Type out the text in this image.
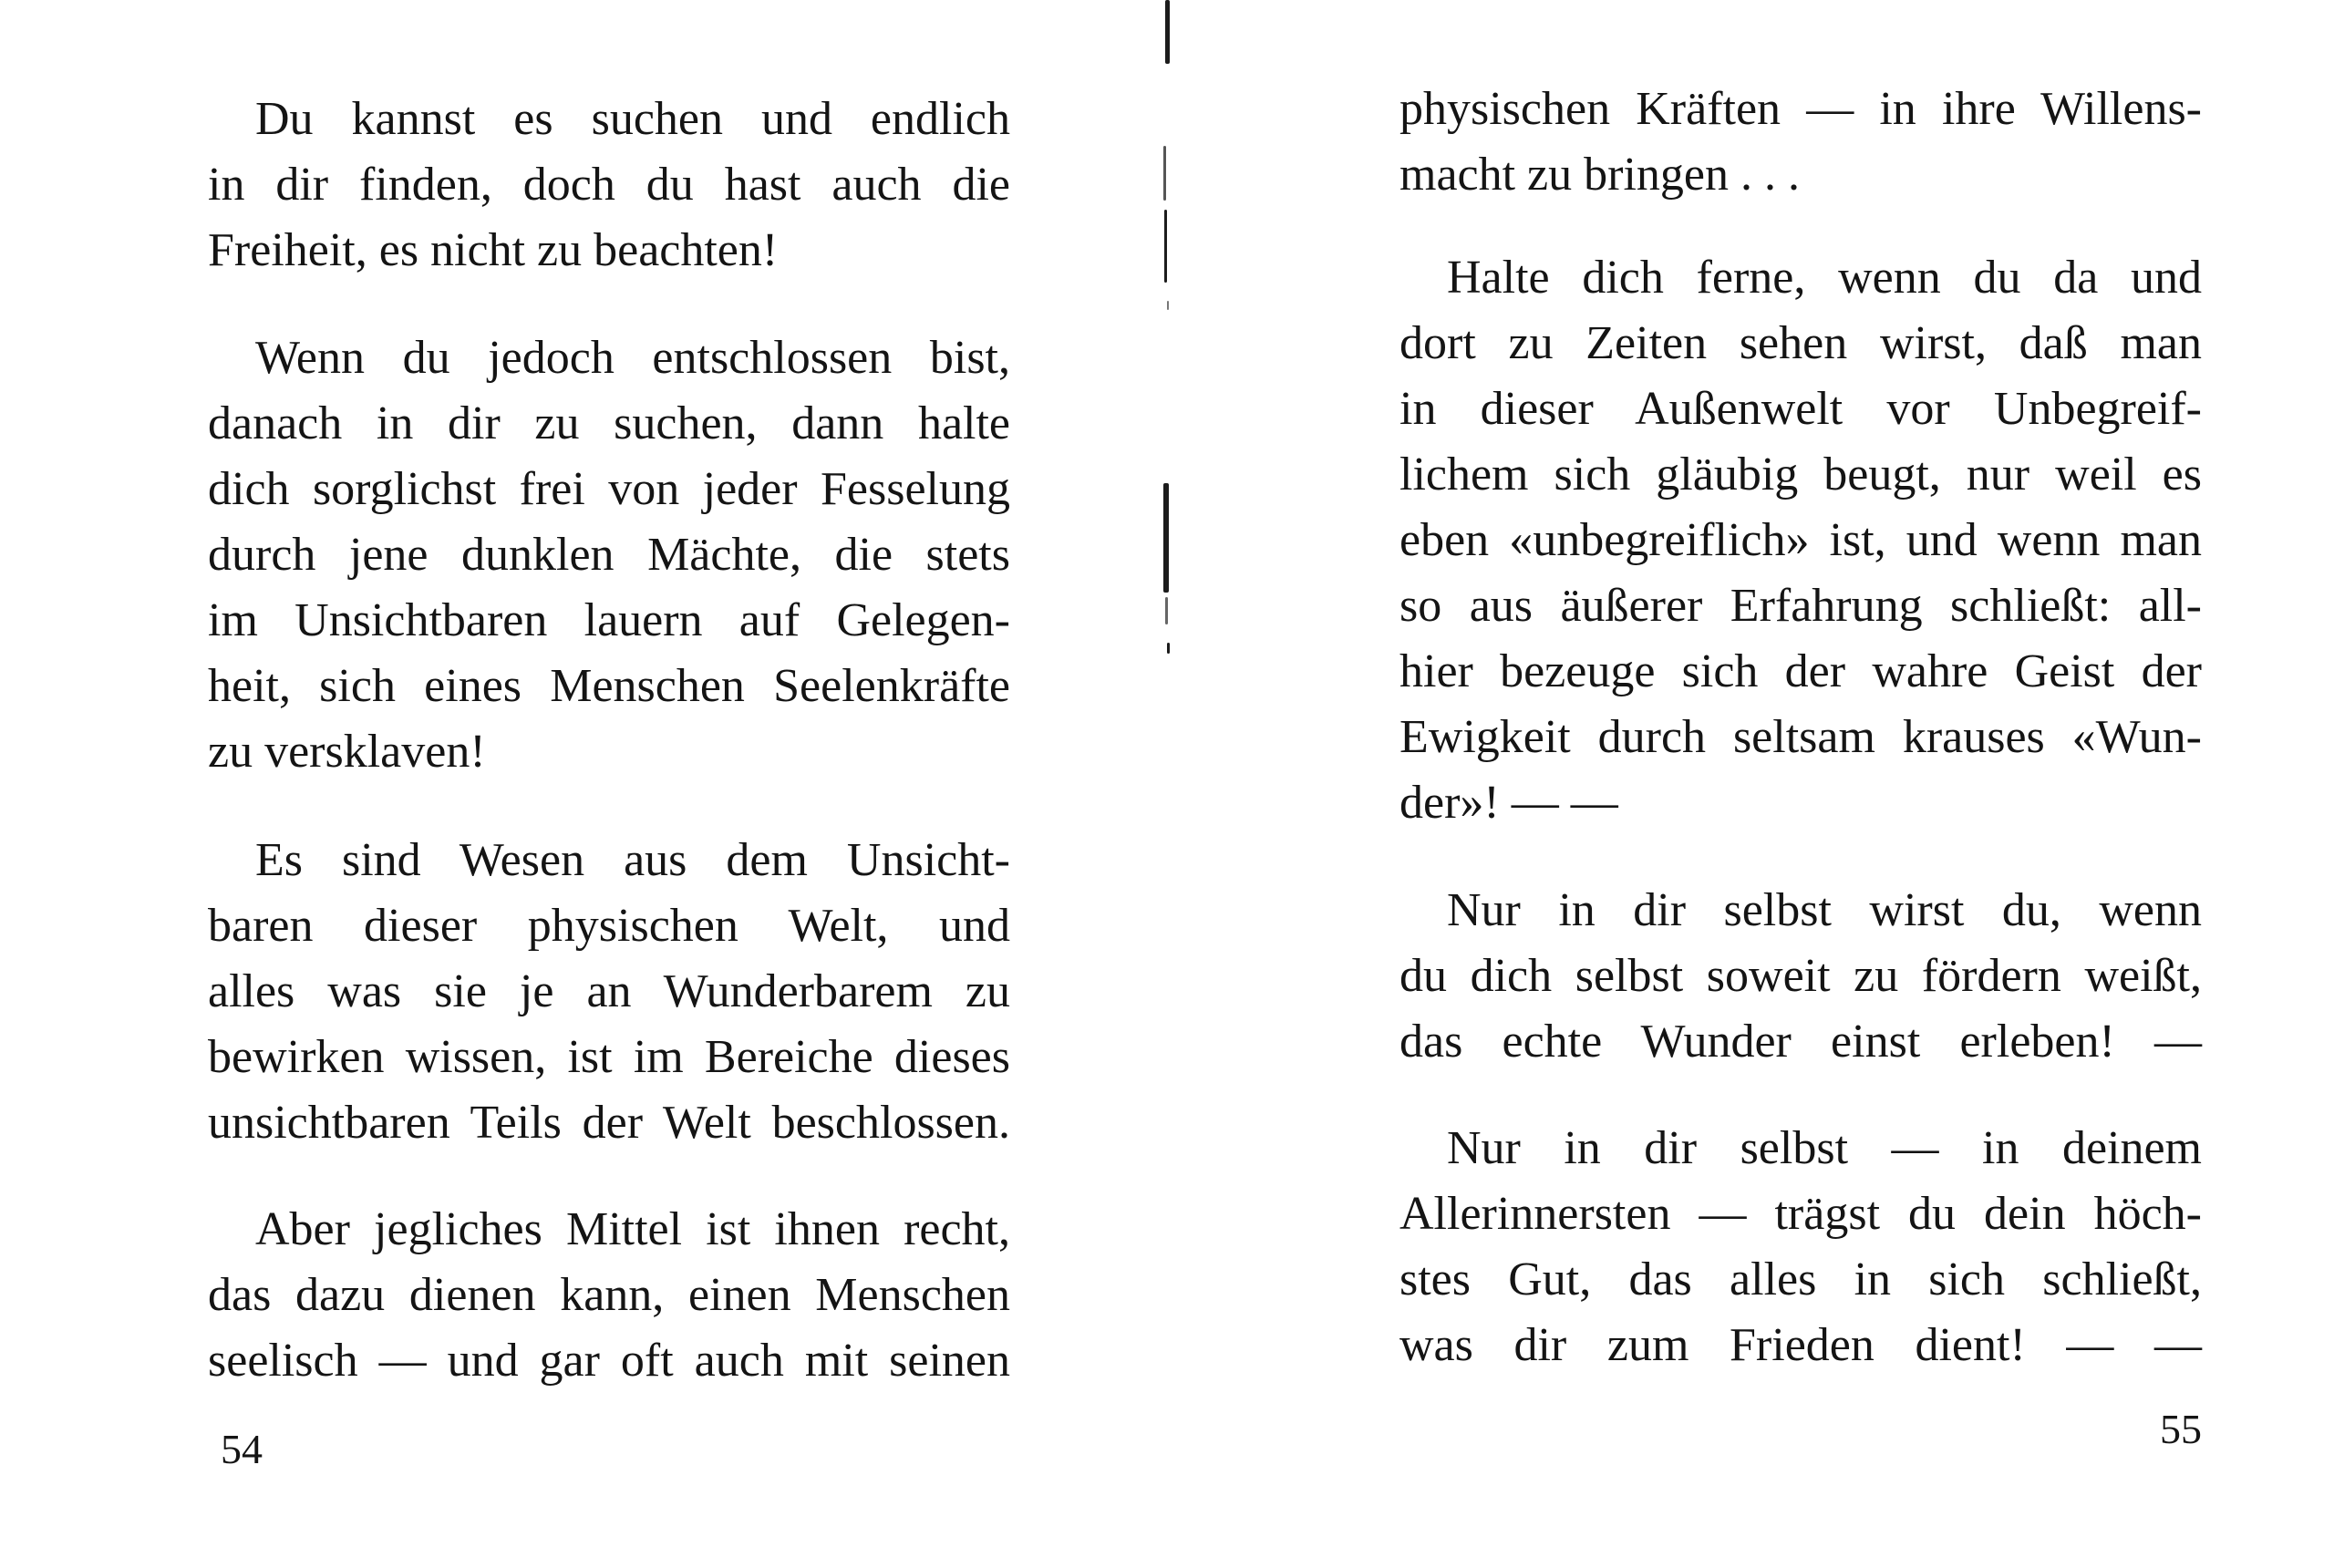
Du kannst es suchen und endlich
in dir finden, doch du hast auch die
Freiheit, es nicht zu beachten!
Wenn du jedoch entschlossen bist,
danach in dir zu suchen, dann halte
dich sorglichst frei von jeder Fesselung
durch jene dunklen Mächte, die stets
im Unsichtbaren lauern auf Gelegen-
heit, sich eines Menschen Seelenkräfte
zu versklaven!
Es sind Wesen aus dem Unsicht-
baren dieser physischen Welt, und
alles was sie je an Wunderbarem zu
bewirken wissen, ist im Bereiche dieses
unsichtbaren Teils der Welt beschlossen.
Aber jegliches Mittel ist ihnen recht,
das dazu dienen kann, einen Menschen
seelisch — und gar oft auch mit seinen
54
physischen Kräften — in ihre Willens-
macht zu bringen . . .
Halte dich ferne, wenn du da und
dort zu Zeiten sehen wirst, daß man
in dieser Außenwelt vor Unbegreif-
lichem sich gläubig beugt, nur weil es
eben «unbegreiflich» ist, und wenn man
so aus äußerer Erfahrung schließt: all-
hier bezeuge sich der wahre Geist der
Ewigkeit durch seltsam krauses «Wun-
der»! — —
Nur in dir selbst wirst du, wenn
du dich selbst soweit zu fördern weißt,
das echte Wunder einst erleben! —
Nur in dir selbst — in deinem
Allerinnersten — trägst du dein höch-
stes Gut, das alles in sich schließt,
was dir zum Frieden dient! — —
55
